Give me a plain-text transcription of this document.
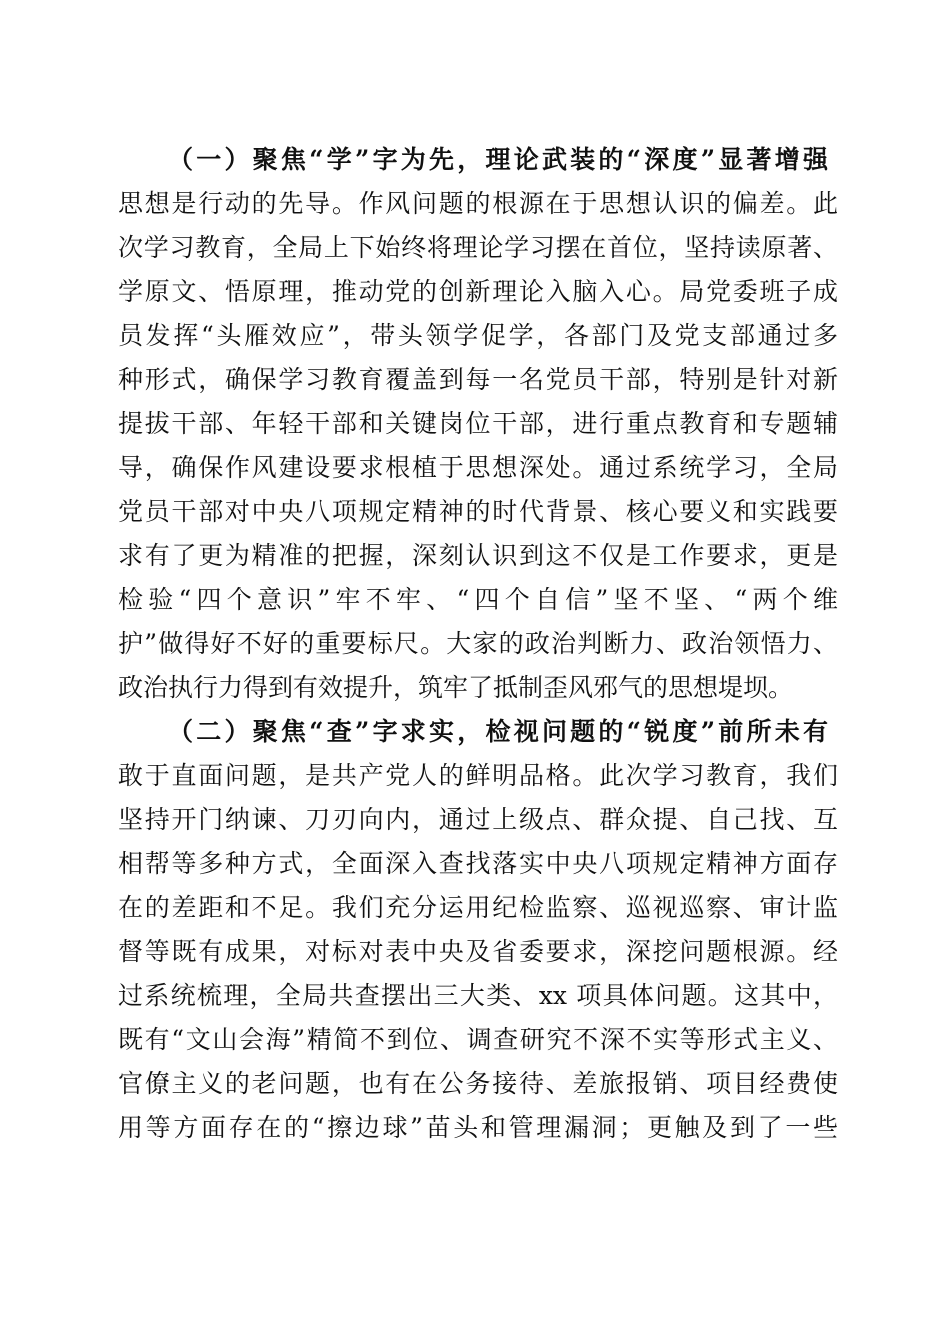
（一）聚焦“学”字为先，理论武装的“深度”显著增强
思想是行动的先导。作风问题的根源在于思想认识的偏差。此
次学习教育，全局上下始终将理论学习摆在首位，坚持读原著、
学原文、悟原理，推动党的创新理论入脑入心。局党委班子成
员发挥“头雁效应”，带头领学促学，各部门及党支部通过多
种形式，确保学习教育覆盖到每一名党员干部，特别是针对新
提拔干部、年轻干部和关键岗位干部，进行重点教育和专题辅
导，确保作风建设要求根植于思想深处。通过系统学习，全局
党员干部对中央八项规定精神的时代背景、核心要义和实践要
求有了更为精准的把握，深刻认识到这不仅是工作要求，更是
检验“四个意识”牢不牢、“四个自信”坚不坚、“两个维
护”做得好不好的重要标尺。大家的政治判断力、政治领悟力、
政治执行力得到有效提升，筑牢了抵制歪风邪气的思想堤坝。
（二）聚焦“查”字求实，检视问题的“锐度”前所未有
敢于直面问题，是共产党人的鲜明品格。此次学习教育，我们
坚持开门纳谏、刀刃向内，通过上级点、群众提、自己找、互
相帮等多种方式，全面深入查找落实中央八项规定精神方面存
在的差距和不足。我们充分运用纪检监察、巡视巡察、审计监
督等既有成果，对标对表中央及省委要求，深挖问题根源。经
过系统梳理，全局共查摆出三大类、xx 项具体问题。这其中，
既有“文山会海”精简不到位、调查研究不深不实等形式主义、
官僚主义的老问题，也有在公务接待、差旅报销、项目经费使
用等方面存在的“擦边球”苗头和管理漏洞；更触及到了一些
